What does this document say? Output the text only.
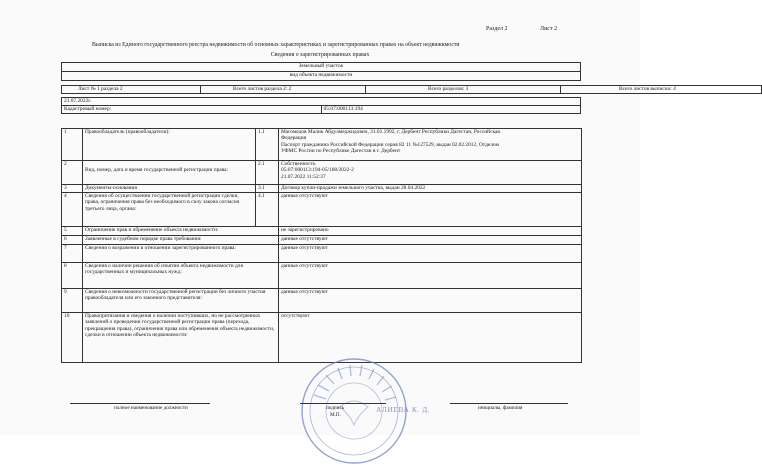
Раздел 2	Лист 2
Выписка из Единого государственного реестра недвижимости об основных характеристиках и зарегистрированных правах на объект недвижимости
Сведения о зарегистрированных правах
Земельный участок
вид объекта недвижимости
Лист № 1 раздела 2	Всего листов раздела 2: 2	Всего разделов: 3	Всего листов выписки: 4
21.07.2022г.
Кадастровый номер:	05:07:000113:194
1	Правообладатель (правообладатели):	1.1	Магомедов Малик Абдулмеджидович, 31.01.1992, г. Дербент Республики Дагестан, Российская
Федерация
Паспорт гражданина Российской Федерации серия 82 11 №127529, выдан 02.02.2012, Отделом
УФМС России по Республике Дагестан в г. Дербент

2	Вид, номер, дата и время государственной регистрации права:	2.1	Собственность
05:07:000113:194-05/188/2022-2
21.07.2022 11:52:37

3	Документы-основания	3.1	Договор купли-продажи земельного участка, выдан 28.04.2022
4	Сведения об осуществлении государственной регистрации сделки, права, ограничения права без необходимого в силу закона согласия третьего лица, органа:	4.1	данные отсутствуют
5	Ограничение прав и обременение объекта недвижимости:		не зарегистрировано
6	Заявленные в судебном порядке права требования:		данные отсутствуют
7	Сведения о возражении в отношении зарегистрированного права:		данные отсутствуют
8	Сведения о наличии решения об изъятии объекта недвижимости для государственных и муниципальных нужд:		данные отсутствуют
9	Сведения о невозможности государственной регистрации без личного участия правообладателя или его законного представителя:		данные отсутствуют
10	Правопритязания и сведения о наличии поступивших, но не рассмотренных заявлений о проведении государственной регистрации права (перехода, прекращения права), ограничения права или обременения объекта недвижимости, сделки в отношении объекта недвижимости:		отсутствуют
полное наименование должности	подпись
М.П.
АЛИЕВА К. Д.	инициалы, фамилия
